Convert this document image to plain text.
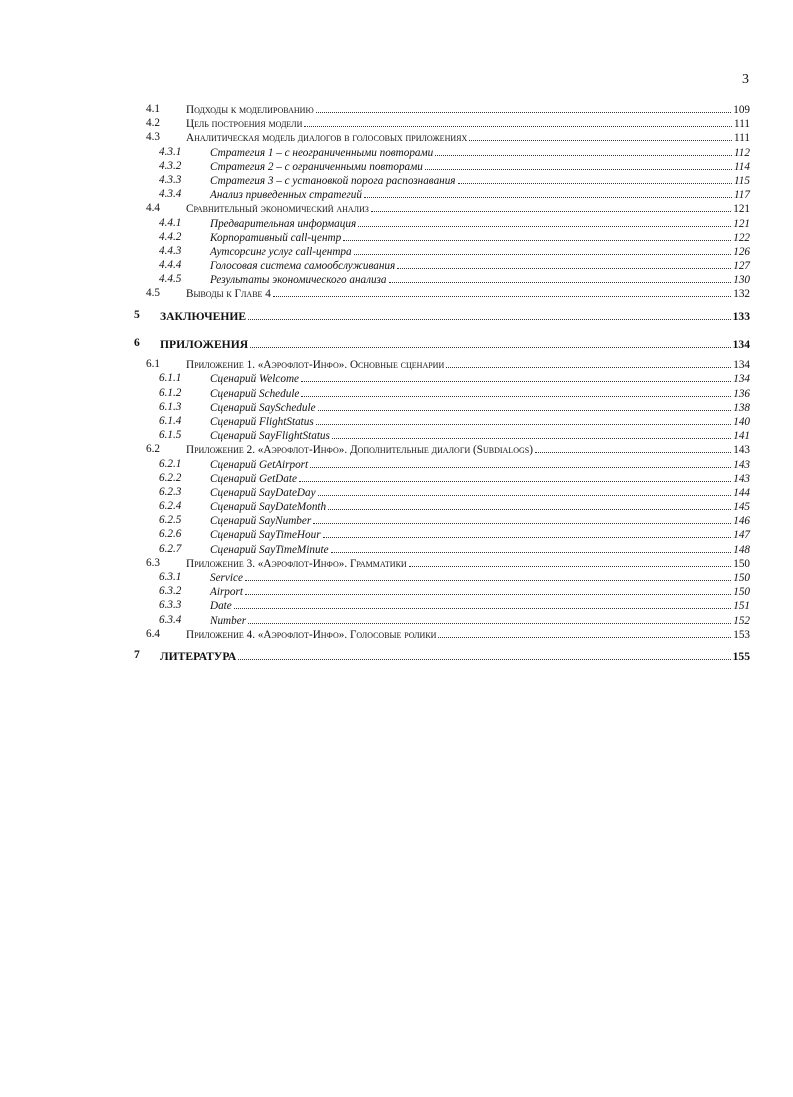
3
4.1 Подходы к моделированию	109
4.2 Цель построения модели	111
4.3 Аналитическая модель диалогов в голосовых приложениях	111
4.3.1	Стратегия 1 – с неограниченными повторами	112
4.3.2	Стратегия 2 – с ограниченными повторами	114
4.3.3	Стратегия 3 – с установкой порога распознавания	115
4.3.4	Анализ приведенных стратегий	117
4.4 Сравнительный экономический анализ	121
4.4.1	Предварительная информация	121
4.4.2	Корпоративный call-центр	122
4.4.3	Аутсорсинг услуг call-центра	126
4.4.4	Голосовая система самообслуживания	127
4.4.5	Результаты экономического анализа	130
4.5 Выводы к Главе 4	132
5 ЗАКЛЮЧЕНИЕ	133
6 ПРИЛОЖЕНИЯ	134
6.1 Приложение 1. «Аэрофлот-Инфо». Основные сценарии	134
6.1.1	Сценарий Welcome	134
6.1.2	Сценарий Schedule	136
6.1.3	Сценарий SaySchedule	138
6.1.4	Сценарий FlightStatus	140
6.1.5	Сценарий SayFlightStatus	141
6.2 Приложение 2. «Аэрофлот-Инфо». Дополнительные диалоги (Subdialogs)	143
6.2.1	Сценарий GetAirport	143
6.2.2	Сценарий GetDate	143
6.2.3	Сценарий SayDateDay	144
6.2.4	Сценарий SayDateMonth	145
6.2.5	Сценарий SayNumber	146
6.2.6	Сценарий SayTimeHour	147
6.2.7	Сценарий SayTimeMinute	148
6.3 Приложение 3. «Аэрофлот-Инфо». Грамматики	150
6.3.1	Service	150
6.3.2	Airport	150
6.3.3	Date	151
6.3.4	Number	152
6.4 Приложение 4. «Аэрофлот-Инфо». Голосовые ролики	153
7 ЛИТЕРАТУРА	155
